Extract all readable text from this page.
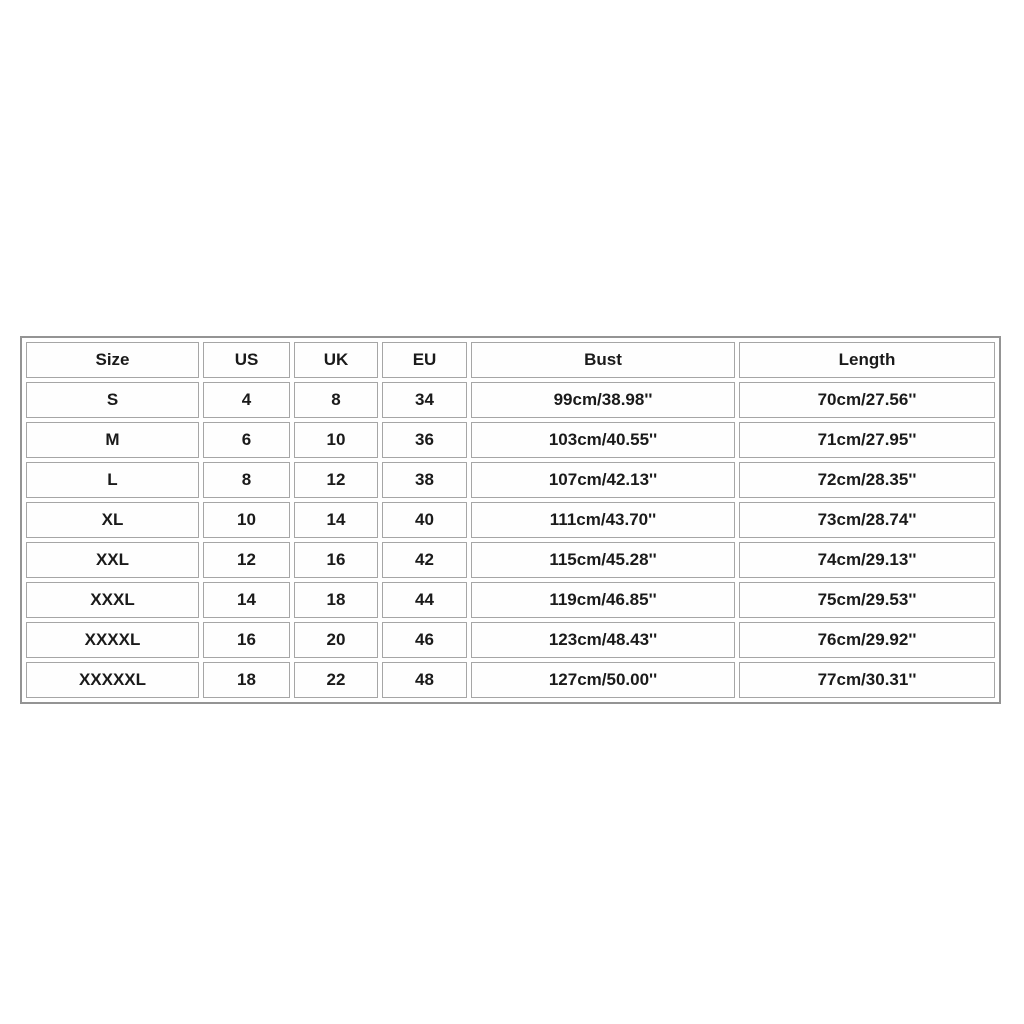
Size	US	UK	EU	Bust	Length
S	4	8	34	99cm/38.98''	70cm/27.56''
M	6	10	36	103cm/40.55''	71cm/27.95''
L	8	12	38	107cm/42.13''	72cm/28.35''
XL	10	14	40	111cm/43.70''	73cm/28.74''
XXL	12	16	42	115cm/45.28''	74cm/29.13''
XXXL	14	18	44	119cm/46.85''	75cm/29.53''
XXXXL	16	20	46	123cm/48.43''	76cm/29.92''
XXXXXL	18	22	48	127cm/50.00''	77cm/30.31''
